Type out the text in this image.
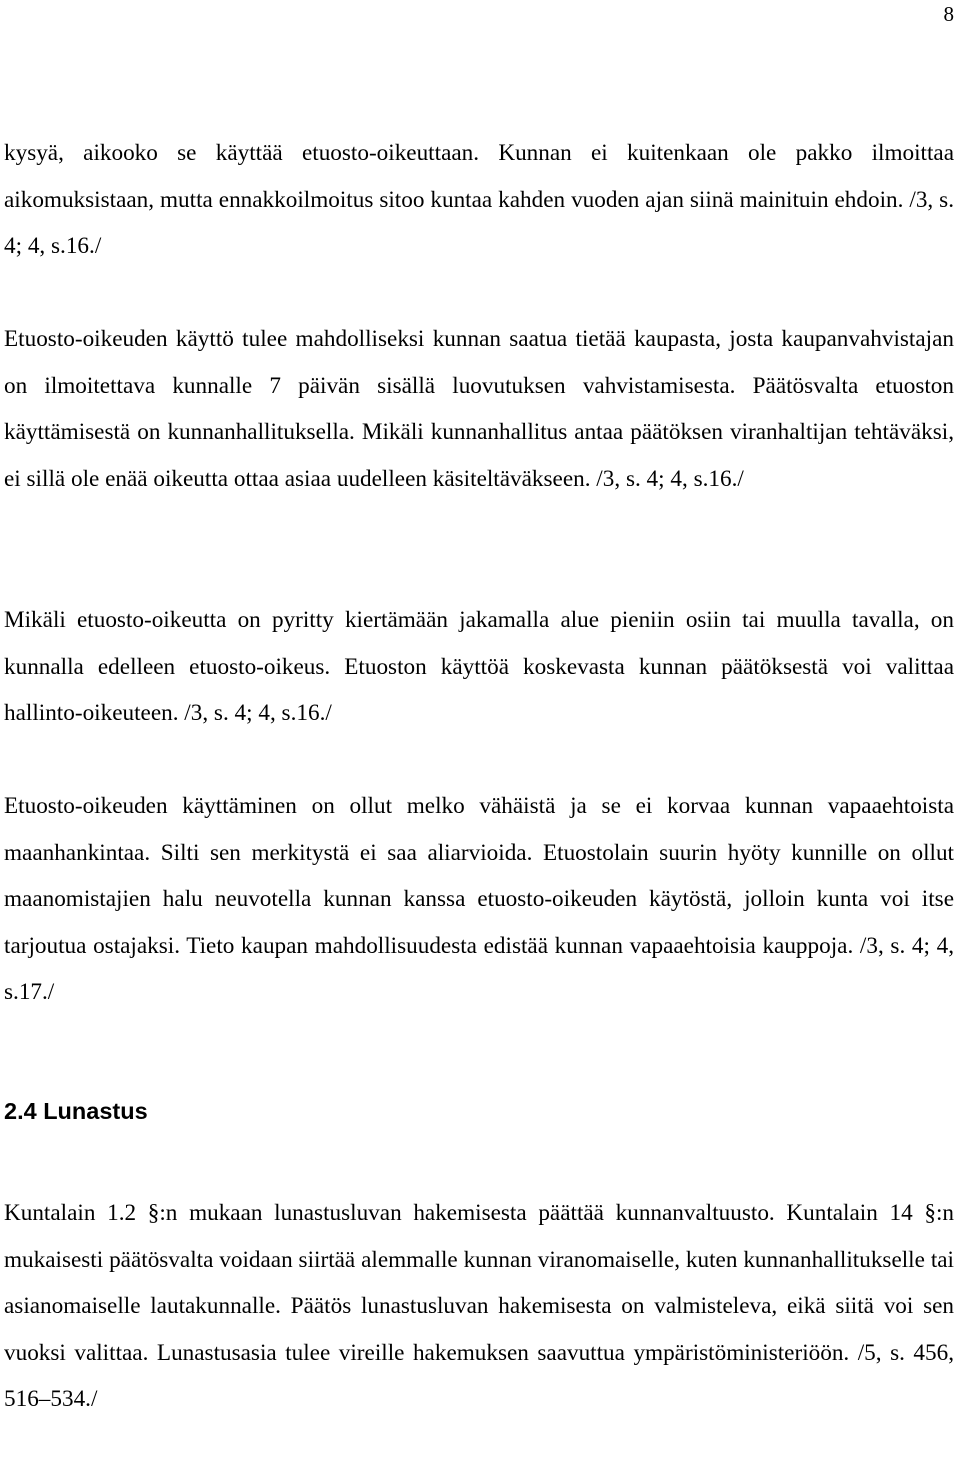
8

kysyä, aikooko se käyttää etuosto-oikeuttaan. Kunnan ei kuitenkaan ole pakko ilmoittaa aikomuksistaan, mutta ennakkoilmoitus sitoo kuntaa kahden vuoden ajan siinä mainituin ehdoin. /3, s. 4; 4, s.16./

Etuosto-oikeuden käyttö tulee mahdolliseksi kunnan saatua tietää kaupasta, josta kaupanvahvistajan on ilmoitettava kunnalle 7 päivän sisällä luovutuksen vahvistamisesta. Päätösvalta etuoston käyttämisestä on kunnanhallituksella. Mikäli kunnanhallitus antaa päätöksen viranhaltijan tehtäväksi, ei sillä ole enää oikeutta ottaa asiaa uudelleen käsiteltäväkseen. /3, s. 4; 4, s.16./

Mikäli etuosto-oikeutta on pyritty kiertämään jakamalla alue pieniin osiin tai muulla tavalla, on kunnalla edelleen etuosto-oikeus. Etuoston käyttöä koskevasta kunnan päätöksestä voi valittaa hallinto-oikeuteen. /3, s. 4; 4, s.16./

Etuosto-oikeuden käyttäminen on ollut melko vähäistä ja se ei korvaa kunnan vapaaehtoista maanhankintaa. Silti sen merkitystä ei saa aliarvioida. Etuostolain suurin hyöty kunnille on ollut maanomistajien halu neuvotella kunnan kanssa etuosto-oikeuden käytöstä, jolloin kunta voi itse tarjoutua ostajaksi. Tieto kaupan mahdollisuudesta edistää kunnan vapaaehtoisia kauppoja. /3, s. 4; 4, s.17./

2.4 Lunastus

Kuntalain 1.2 §:n mukaan lunastusluvan hakemisesta päättää kunnanvaltuusto. Kuntalain 14 §:n mukaisesti päätösvalta voidaan siirtää alemmalle kunnan viranomaiselle, kuten kunnanhallitukselle tai asianomaiselle lautakunnalle. Päätös lunastusluvan hakemisesta on valmisteleva, eikä siitä voi sen vuoksi valittaa. Lunastusasia tulee vireille hakemuksen saavuttua ympäristöministeriöön. /5, s. 456, 516–534./
